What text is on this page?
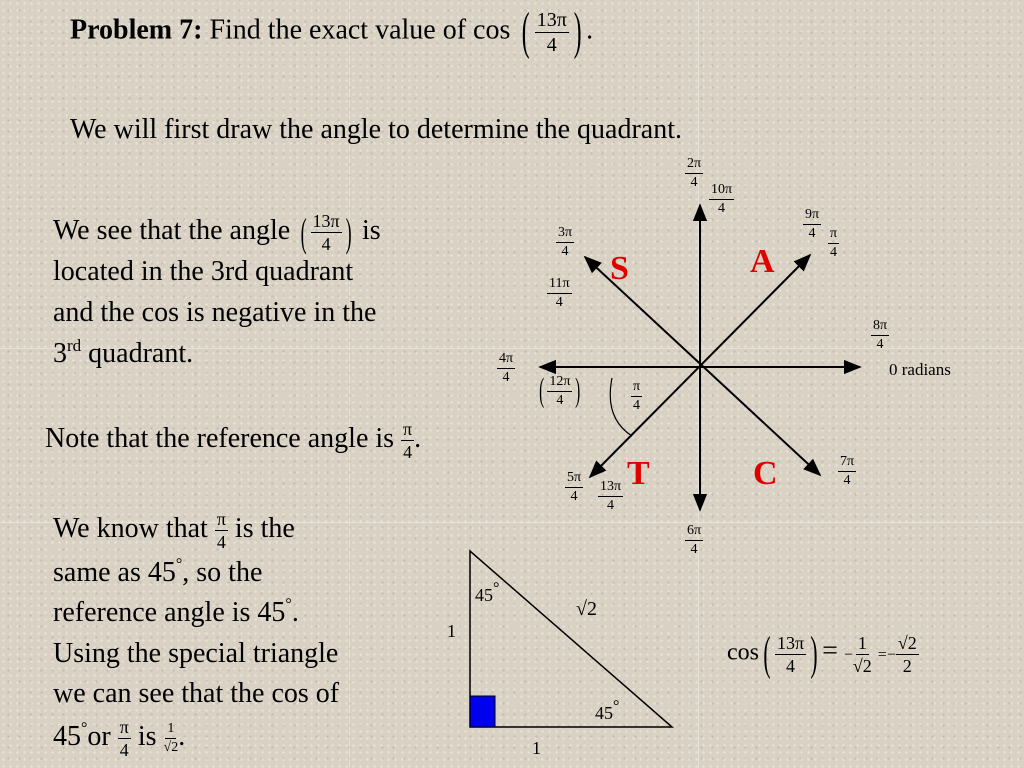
Problem 7: Find the exact value of cos ( $\frac{13\pi}{4}$ ) .
We will first draw the angle to determine the quadrant.
We see that the angle ( $\frac{13\pi}{4}$ ) is
located in the 3rd quadrant
and the cos is negative in the
3rd quadrant.
Note that the reference angle is $\frac{\pi}{4}$ .
We know that $\frac{\pi}{4}$ is the
same as 45°, so the
reference angle is 45°.
Using the special triangle
we can see that the cos of
$45^\circ or \frac{\pi}{4}$ is $\frac{1}{√2}$ .
S	A
T	C
$\frac{2\pi}{4}$
$\frac{10\pi}{4}$
$\frac{9\pi}{4}$
$\frac{\pi}{4}$
$\frac{3\pi}{4}$
$\frac{11\pi}{4}$
$\frac{8\pi}{4}$
$\frac{4\pi}{4}$
( $\frac{12\pi}{4}$ )	$\frac{\pi}{4}$
$\frac{5\pi}{4} \frac{13\pi}{4}$
$\frac{7\pi}{4}$
$\frac{6\pi}{4}$
0 radians
45°
√2
1
45°
1
$\cos( \frac{13\pi}{4}$ ) = − $\frac{1}{√2} =- \frac{√2}{2}$
